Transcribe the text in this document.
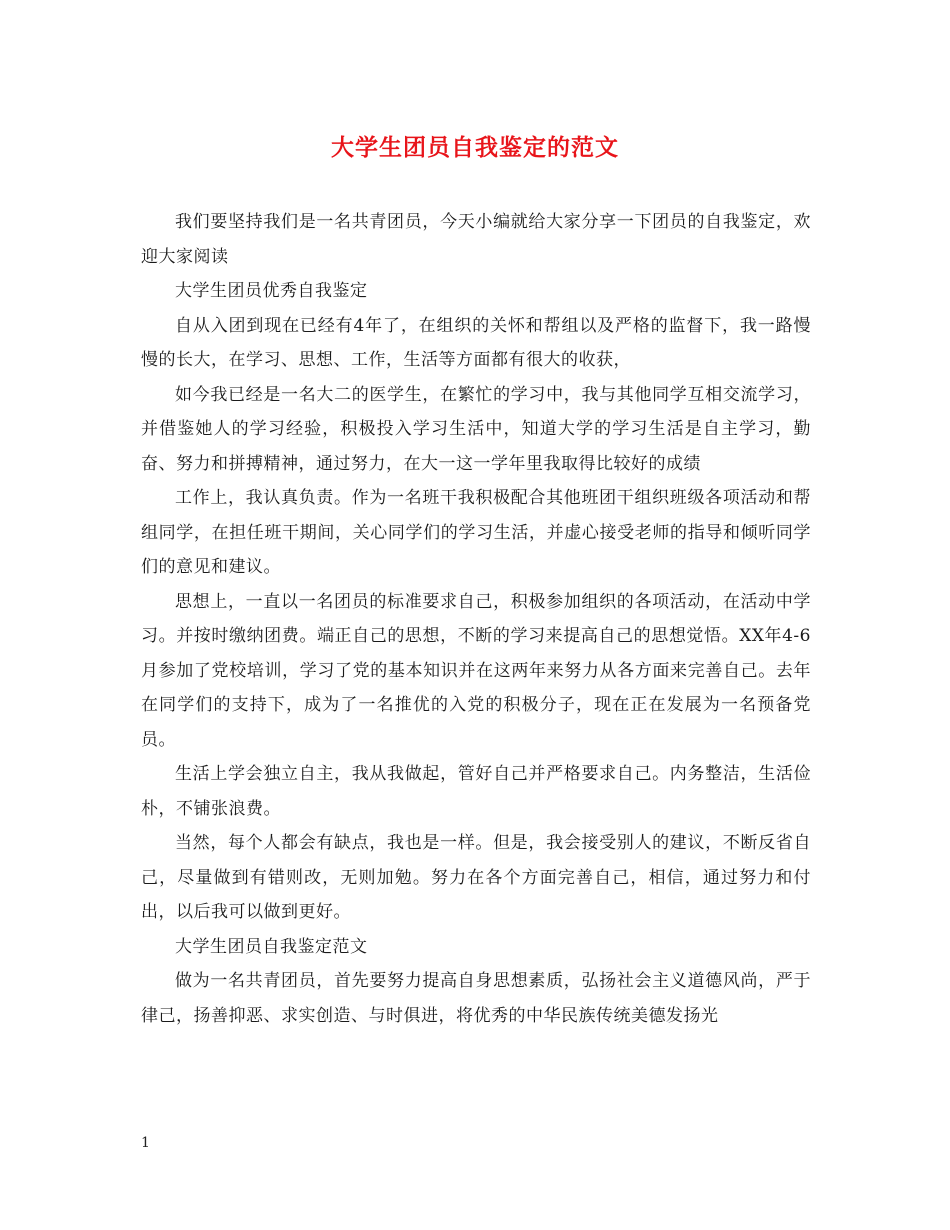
大学生团员自我鉴定的范文

我们要坚持我们是一名共青团员，今天小编就给大家分享一下团员的自我鉴定，欢迎大家阅读

大学生团员优秀自我鉴定

自从入团到现在已经有4年了，在组织的关怀和帮组以及严格的监督下，我一路慢慢的长大，在学习、思想、工作，生活等方面都有很大的收获，

如今我已经是一名大二的医学生，在繁忙的学习中，我与其他同学互相交流学习，并借鉴她人的学习经验，积极投入学习生活中，知道大学的学习生活是自主学习，勤奋、努力和拼搏精神，通过努力，在大一这一学年里我取得比较好的成绩

工作上，我认真负责。作为一名班干我积极配合其他班团干组织班级各项活动和帮组同学，在担任班干期间，关心同学们的学习生活，并虚心接受老师的指导和倾听同学们的意见和建议。

思想上，一直以一名团员的标准要求自己，积极参加组织的各项活动，在活动中学习。并按时缴纳团费。端正自己的思想，不断的学习来提高自己的思想觉悟。XX年4-6月参加了党校培训，学习了党的基本知识并在这两年来努力从各方面来完善自己。去年在同学们的支持下，成为了一名推优的入党的积极分子，现在正在发展为一名预备党员。

生活上学会独立自主，我从我做起，管好自己并严格要求自己。内务整洁，生活俭朴，不铺张浪费。

当然，每个人都会有缺点，我也是一样。但是，我会接受别人的建议，不断反省自己，尽量做到有错则改，无则加勉。努力在各个方面完善自己，相信，通过努力和付出，以后我可以做到更好。

大学生团员自我鉴定范文

做为一名共青团员，首先要努力提高自身思想素质，弘扬社会主义道德风尚，严于律己，扬善抑恶、求实创造、与时俱进，将优秀的中华民族传统美德发扬光

1
